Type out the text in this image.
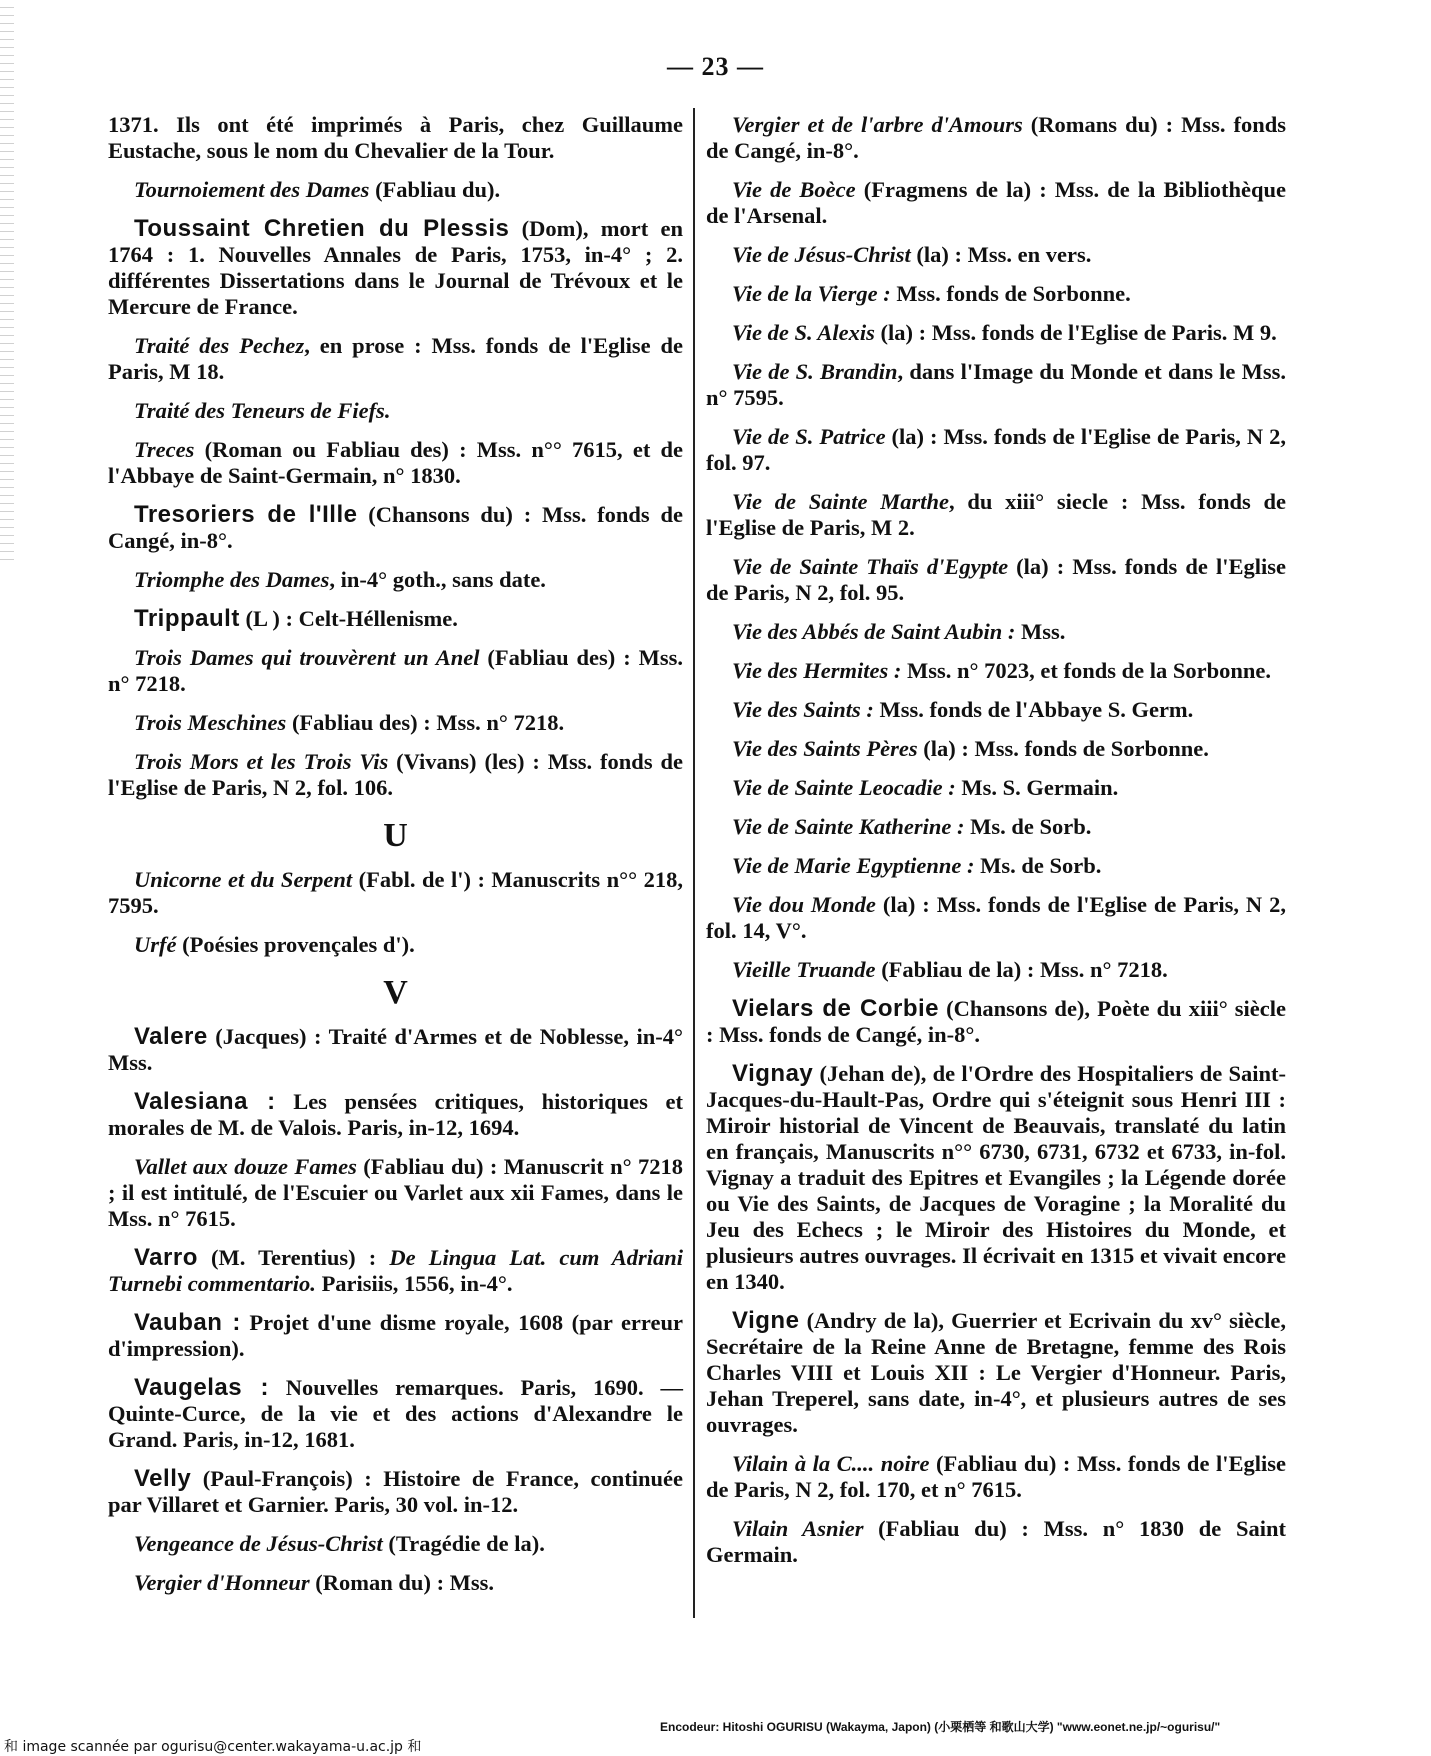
— 23 —

1371. Ils ont été imprimés à Paris, chez Guillaume Eustache, sous le nom du Chevalier de la Tour.

Tournoiement des Dames (Fabliau du).

Toussaint Chretien du Plessis (Dom), mort en 1764 : 1. Nouvelles Annales de Paris, 1753, in-4° ; 2. différentes Dissertations dans le Journal de Trévoux et le Mercure de France.

Traité des Pechez, en prose : Mss. fonds de l'Eglise de Paris, M 18.

Traité des Teneurs de Fiefs.

Treces (Roman ou Fabliau des) : Mss. n°° 7615, et de l'Abbaye de Saint-Germain, n° 1830.

Tresoriers de l'Ille (Chansons du) : Mss. fonds de Cangé, in-8°.

Triomphe des Dames, in-4° goth., sans date.

Trippault (L ) : Celt-Héllenisme.

Trois Dames qui trouvèrent un Anel (Fabliau des) : Mss. n° 7218.

Trois Meschines (Fabliau des) : Mss. n° 7218.

Trois Mors et les Trois Vis (Vivans) (les) : Mss. fonds de l'Eglise de Paris, N 2, fol. 106.

U

Unicorne et du Serpent (Fabl. de l') : Manuscrits n°° 218, 7595.

Urfé (Poésies provençales d').

V

Valere (Jacques) : Traité d'Armes et de Noblesse, in-4° Mss.

Valesiana : Les pensées critiques, historiques et morales de M. de Valois. Paris, in-12, 1694.

Vallet aux douze Fames (Fabliau du) : Manuscrit n° 7218 ; il est intitulé, de l'Escuier ou Varlet aux xii Fames, dans le Mss. n° 7615.

Varro (M. Terentius) : De Lingua Lat. cum Adriani Turnebi commentario. Parisiis, 1556, in-4°.

Vauban : Projet d'une disme royale, 1608 (par erreur d'impression).

Vaugelas : Nouvelles remarques. Paris, 1690. — Quinte-Curce, de la vie et des actions d'Alexandre le Grand. Paris, in-12, 1681.

Velly (Paul-François) : Histoire de France, continuée par Villaret et Garnier. Paris, 30 vol. in-12.

Vengeance de Jésus-Christ (Tragédie de la).

Vergier d'Honneur (Roman du) : Mss.

Vergier et de l'arbre d'Amours (Romans du) : Mss. fonds de Cangé, in-8°.

Vie de Boèce (Fragmens de la) : Mss. de la Bibliothèque de l'Arsenal.

Vie de Jésus-Christ (la) : Mss. en vers.

Vie de la Vierge : Mss. fonds de Sorbonne.

Vie de S. Alexis (la) : Mss. fonds de l'Eglise de Paris. M 9.

Vie de S. Brandin, dans l'Image du Monde et dans le Mss. n° 7595.

Vie de S. Patrice (la) : Mss. fonds de l'Eglise de Paris, N 2, fol. 97.

Vie de Sainte Marthe, du xiii° siecle : Mss. fonds de l'Eglise de Paris, M 2.

Vie de Sainte Thaïs d'Egypte (la) : Mss. fonds de l'Eglise de Paris, N 2, fol. 95.

Vie des Abbés de Saint Aubin : Mss.

Vie des Hermites : Mss. n° 7023, et fonds de la Sorbonne.

Vie des Saints : Mss. fonds de l'Abbaye S. Germ.

Vie des Saints Pères (la) : Mss. fonds de Sorbonne.

Vie de Sainte Leocadie : Ms. S. Germain.

Vie de Sainte Katherine : Ms. de Sorb.

Vie de Marie Egyptienne : Ms. de Sorb.

Vie dou Monde (la) : Mss. fonds de l'Eglise de Paris, N 2, fol. 14, V°.

Vieille Truande (Fabliau de la) : Mss. n° 7218.

Vielars de Corbie (Chansons de), Poète du xiii° siècle : Mss. fonds de Cangé, in-8°.

Vignay (Jehan de), de l'Ordre des Hospitaliers de Saint-Jacques-du-Hault-Pas, Ordre qui s'éteignit sous Henri III : Miroir historial de Vincent de Beauvais, translaté du latin en français, Manuscrits n°° 6730, 6731, 6732 et 6733, in-fol. Vignay a traduit des Epitres et Evangiles ; la Légende dorée ou Vie des Saints, de Jacques de Voragine ; la Moralité du Jeu des Echecs ; le Miroir des Histoires du Monde, et plusieurs autres ouvrages. Il écrivait en 1315 et vivait encore en 1340.

Vigne (Andry de la), Guerrier et Ecrivain du xv° siècle, Secrétaire de la Reine Anne de Bretagne, femme des Rois Charles VIII et Louis XII : Le Vergier d'Honneur. Paris, Jehan Treperel, sans date, in-4°, et plusieurs autres de ses ouvrages.

Vilain à la C.... noire (Fabliau du) : Mss. fonds de l'Eglise de Paris, N 2, fol. 170, et n° 7615.

Vilain Asnier (Fabliau du) : Mss. n° 1830 de Saint Germain.

Encodeur: Hitoshi OGURISU (Wakayma, Japon) (小栗栖等 和歌山大学) "www.eonet.ne.jp/~ogurisu/"
和 image scannée par ogurisu@center.wakayama-u.ac.jp 和
